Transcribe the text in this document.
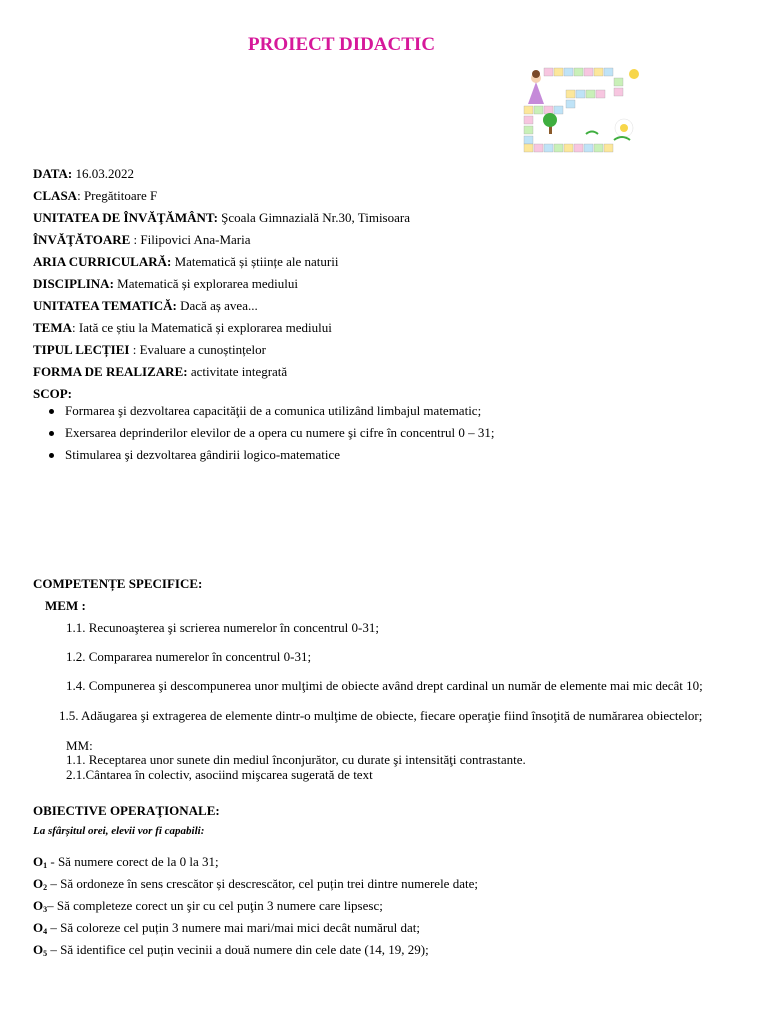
PROIECT DIDACTIC
DATA: 16.03.2022
CLASA: Pregătitoare F
UNITATEA DE ÎNVĂŢĂMÂNT: Şcoala Gimnazială Nr.30, Timisoara
ÎNVĂŢĂTOARE : Filipovici Ana-Maria
ARIA CURRICULARĂ: Matematică și științe ale naturii
DISCIPLINA: Matematică și explorarea mediului
UNITATEA TEMATICĂ: Dacă aș avea...
TEMA: Iată ce știu la Matematică și explorarea mediului
TIPUL LECȚIEI : Evaluare a cunoștințelor
FORMA DE REALIZARE: activitate integrată
SCOP:
Formarea şi dezvoltarea capacităţii de a comunica utilizând limbajul matematic;
Exersarea deprinderilor elevilor de a opera cu numere şi cifre în concentrul 0 – 31;
Stimularea şi dezvoltarea gândirii logico-matematice
COMPETENȚE SPECIFICE:
MEM :
1.1. Recunoaşterea şi scrierea numerelor în concentrul 0-31;
1.2. Compararea numerelor în concentrul 0-31;
1.4. Compunerea şi descompunerea unor mulţimi de obiecte având drept cardinal un număr de elemente mai mic decât 10;
1.5. Adăugarea şi extragerea de elemente dintr-o mulţime de obiecte, fiecare operaţie fiind însoţită de numărarea obiectelor;
MM:
1.1. Receptarea unor sunete din mediul înconjurător, cu durate şi intensităţi contrastante.
2.1.Cântarea în colectiv, asociind mişcarea sugerată de text
OBIECTIVE OPERAŢIONALE:
La sfârșitul orei, elevii vor fi capabili:
$O_1$ - Să numere corect de la 0 la 31;
$O_2$ – Să ordoneze în sens crescător și descrescător, cel puțin trei dintre numerele date;
$O_3-$ Să completeze corect un şir cu cel puţin 3 numere care lipsesc;
$O_4$ – Să coloreze cel puțin 3 numere mai mari/mai mici decât numărul dat;
$O_5$ – Să identifice cel puțin vecinii a două numere din cele date (14, 19, 29);
